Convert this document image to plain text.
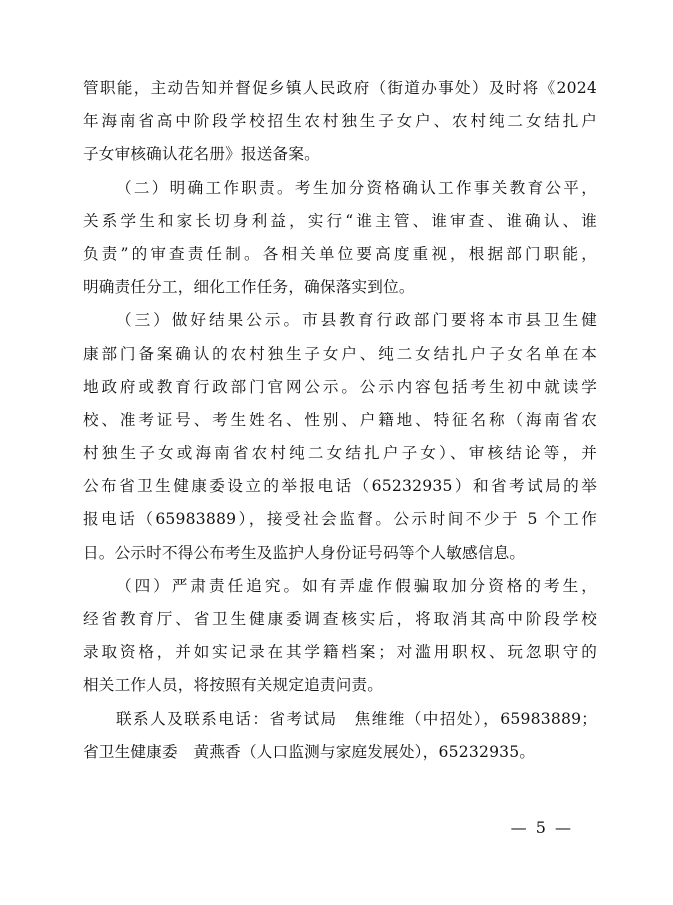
管职能，主动告知并督促乡镇人民政府（街道办事处）及时将《2024
年海南省高中阶段学校招生农村独生子女户、农村纯二女结扎户
子女审核确认花名册》报送备案。
（二）明确工作职责。考生加分资格确认工作事关教育公平，
关系学生和家长切身利益，实行“谁主管、谁审查、谁确认、谁
负责”的审查责任制。各相关单位要高度重视，根据部门职能，
明确责任分工，细化工作任务，确保落实到位。
（三）做好结果公示。市县教育行政部门要将本市县卫生健
康部门备案确认的农村独生子女户、纯二女结扎户子女名单在本
地政府或教育行政部门官网公示。公示内容包括考生初中就读学
校、准考证号、考生姓名、性别、户籍地、特征名称（海南省农
村独生子女或海南省农村纯二女结扎户子女）、审核结论等，并
公布省卫生健康委设立的举报电话（65232935）和省考试局的举
报电话（65983889），接受社会监督。公示时间不少于 5 个工作
日。公示时不得公布考生及监护人身份证号码等个人敏感信息。
（四）严肃责任追究。如有弄虚作假骗取加分资格的考生，
经省教育厅、省卫生健康委调查核实后，将取消其高中阶段学校
录取资格，并如实记录在其学籍档案；对滥用职权、玩忽职守的
相关工作人员，将按照有关规定追责问责。
联系人及联系电话：省考试局　焦维维（中招处），65983889；
省卫生健康委　黄燕香（人口监测与家庭发展处），65232935。
— 5 —
